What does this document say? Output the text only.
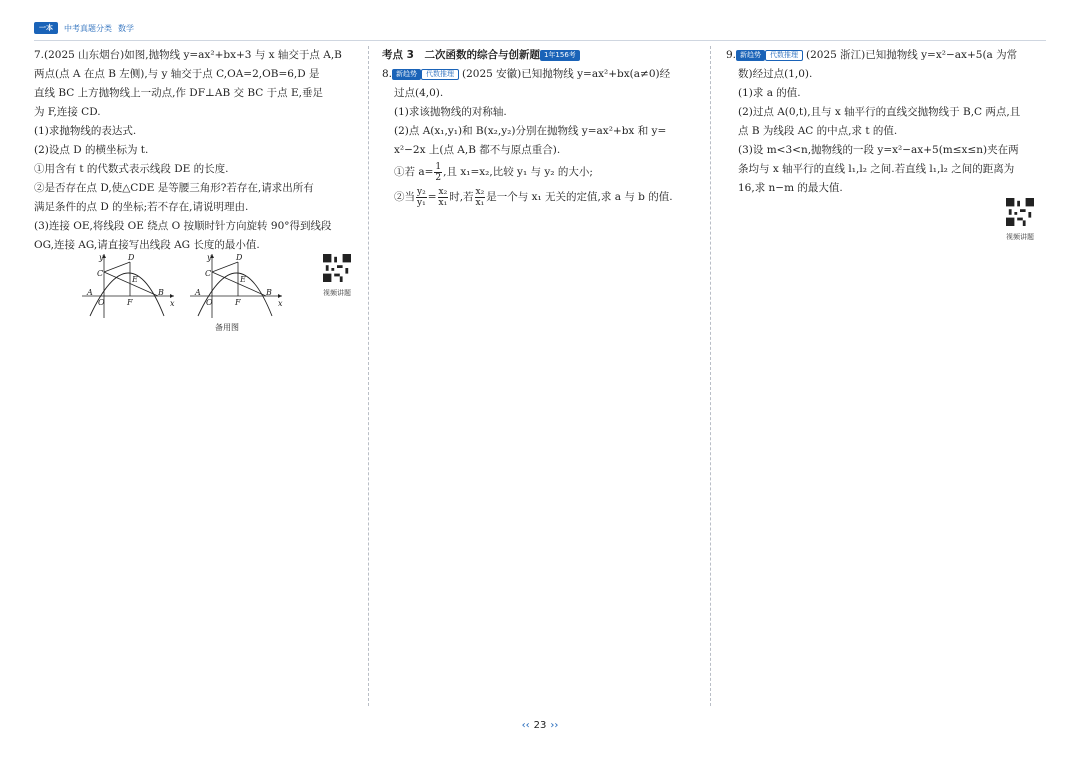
一本	中考真题分类 数学

7.(2025 山东烟台)如图,抛物线 y=ax²+bx+3 与 x 轴交于点 A,B

两点(点 A 在点 B 左侧),与 y 轴交于点 C,OA=2,OB=6,D 是

直线 BC 上方抛物线上一动点,作 DF⊥AB 交 BC 于点 E,垂足

为 F,连接 CD.

(1)求抛物线的表达式.

(2)设点 D 的横坐标为 t.

①用含有 t 的代数式表示线段 DE 的长度.

②是否存在点 D,使△CDE 是等腰三角形?若存在,请求出所有

满足条件的点 D 的坐标;若不存在,请说明理由.

(3)连接 OE,将线段 OE 绕点 O 按顺时针方向旋转 90°得到线段

OG,连接 AG,请直接写出线段 AG 长度的最小值.

y
x
O
A	B
C
D
E
F
y
x
O
A	B
C
D
E
F
备用图
视频讲题

考点 3　二次函数的综合与创新题 1年156考

8. 新趋势 代数推理 (2025 安徽)已知抛物线 y=ax²+bx(a≠0)经

过点(4,0).

(1)求该抛物线的对称轴.

(2)点 A(x₁,y₁)和 B(x₂,y₂)分别在抛物线 y=ax²+bx 和 y=

x²−2x 上(点 A,B 都不与原点重合).

①若 $a= \frac{1}{2}$ ,且 x₁=x₂,比较 y₁ 与 y₂ 的大小;

②当 $\frac{\text{y₂}}{\text{y₁}} = \frac{\text{x₂}}{\text{x₁}}$ 时,若 $\frac{\text{x₂}}{\text{x₁}}$ 是一个与 x₁ 无关的定值,求 a 与 b 的值.

9. 新趋势 代数推理 (2025 浙江)已知抛物线 y=x²−ax+5(a 为常

数)经过点(1,0).

(1)求 a 的值.

(2)过点 A(0,t),且与 x 轴平行的直线交抛物线于 B,C 两点,且

点 B 为线段 AC 的中点,求 t 的值.

(3)设 m<3<n,抛物线的一段 y=x²−ax+5(m≤x≤n)夹在两

条均与 x 轴平行的直线 l₁,l₂ 之间.若直线 l₁,l₂ 之间的距离为

16,求 n−m 的最大值.

视频讲题
‹‹ 23 ››
